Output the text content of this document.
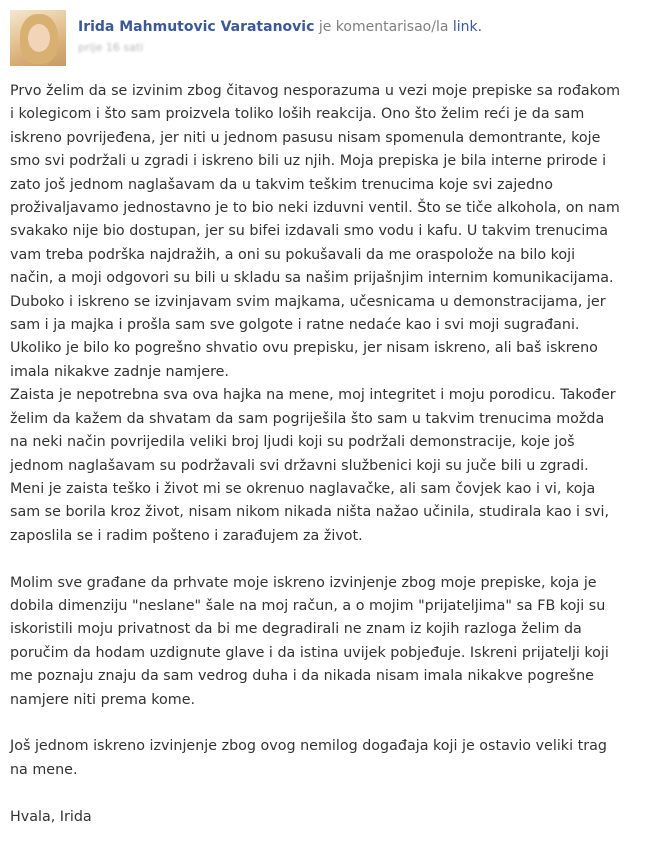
Irida Mahmutovic Varatanovic je komentarisao/la link.
prije 16 sati

Prvo želim da se izvinim zbog čitavog nesporazuma u vezi moje prepiske sa rođakom

i kolegicom i što sam proizvela toliko loših reakcija. Ono što želim reći je da sam

iskreno povrijeđena, jer niti u jednom pasusu nisam spomenula demontrante, koje

smo svi podržali u zgradi i iskreno bili uz njih. Moja prepiska je bila interne prirode i

zato još jednom naglašavam da u takvim teškim trenucima koje svi zajedno

proživaljavamo jednostavno je to bio neki izduvni ventil. Što se tiče alkohola, on nam

svakako nije bio dostupan, jer su bifei izdavali smo vodu i kafu. U takvim trenucima

vam treba podrška najdražih, a oni su pokušavali da me oraspolože na bilo koji

način, a moji odgovori su bili u skladu sa našim prijašnjim internim komunikacijama.

Duboko i iskreno se izvinjavam svim majkama, učesnicama u demonstracijama, jer

sam i ja majka i prošla sam sve golgote i ratne nedaće kao i svi moji sugrađani.

Ukoliko je bilo ko pogrešno shvatio ovu prepisku, jer nisam iskreno, ali baš iskreno

imala nikakve zadnje namjere.

Zaista je nepotrebna sva ova hajka na mene, moj integritet i moju porodicu. Također

želim da kažem da shvatam da sam pogriješila što sam u takvim trenucima možda

na neki način povrijedila veliki broj ljudi koji su podržali demonstracije, koje još

jednom naglašavam su podržavali svi državni službenici koji su juče bili u zgradi.

Meni je zaista teško i život mi se okrenuo naglavačke, ali sam čovjek kao i vi, koja

sam se borila kroz život, nisam nikom nikada ništa nažao učinila, studirala kao i svi,

zaposlila se i radim pošteno i zarađujem za život.

Molim sve građane da prhvate moje iskreno izvinjenje zbog moje prepiske, koja je

dobila dimenziju "neslane" šale na moj račun, a o mojim "prijateljima" sa FB koji su

iskoristili moju privatnost da bi me degradirali ne znam iz kojih razloga želim da

poručim da hodam uzdignute glave i da istina uvijek pobjeđuje. Iskreni prijatelji koji

me poznaju znaju da sam vedrog duha i da nikada nisam imala nikakve pogrešne

namjere niti prema kome.

Još jednom iskreno izvinjenje zbog ovog nemilog događaja koji je ostavio veliki trag

na mene.

Hvala, Irida
